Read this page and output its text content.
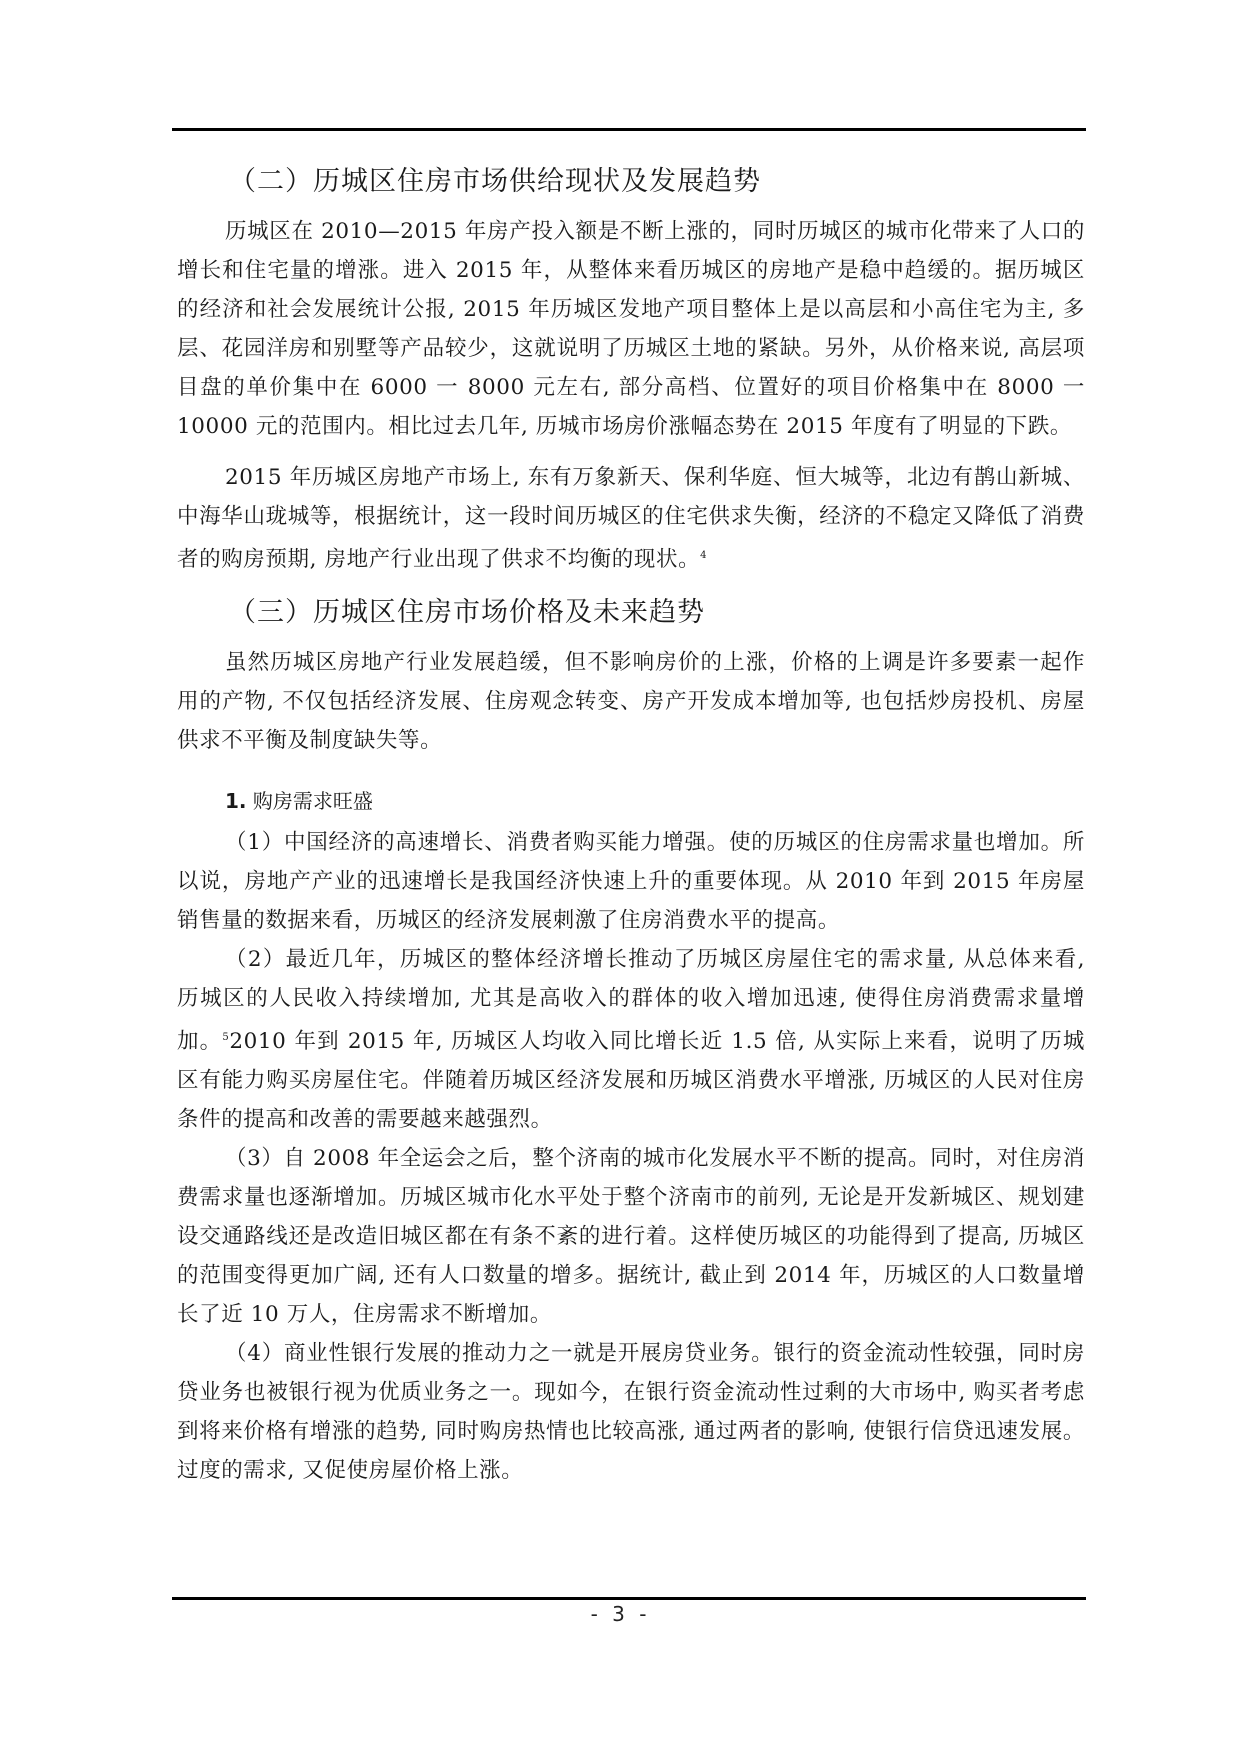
（二）历城区住房市场供给现状及发展趋势

历城区在 2010—2015 年房产投入额是不断上涨的，同时历城区的城市化带来了人口的增长和住宅量的增涨。进入 2015 年，从整体来看历城区的房地产是稳中趋缓的。据历城区的经济和社会发展统计公报, 2015 年历城区发地产项目整体上是以高层和小高住宅为主, 多层、花园洋房和别墅等产品较少，这就说明了历城区土地的紧缺。另外，从价格来说, 高层项目盘的单价集中在 6000 一 8000 元左右, 部分高档、位置好的项目价格集中在 8000 一 10000 元的范围内。相比过去几年, 历城市场房价涨幅态势在 2015 年度有了明显的下跌。

2015 年历城区房地产市场上, 东有万象新天、保利华庭、恒大城等，北边有鹊山新城、中海华山珑城等，根据统计，这一段时间历城区的住宅供求失衡，经济的不稳定又降低了消费者的购房预期, 房地产行业出现了供求不均衡的现状。$^4$

（三）历城区住房市场价格及未来趋势

虽然历城区房地产行业发展趋缓，但不影响房价的上涨，价格的上调是许多要素一起作用的产物, 不仅包括经济发展、住房观念转变、房产开发成本增加等, 也包括炒房投机、房屋供求不平衡及制度缺失等。

1. 购房需求旺盛

（1）中国经济的高速增长、消费者购买能力增强。使的历城区的住房需求量也增加。所以说，房地产产业的迅速增长是我国经济快速上升的重要体现。从 2010 年到 2015 年房屋销售量的数据来看，历城区的经济发展刺激了住房消费水平的提高。

（2）最近几年，历城区的整体经济增长推动了历城区房屋住宅的需求量, 从总体来看, 历城区的人民收入持续增加, 尤其是高收入的群体的收入增加迅速, 使得住房消费需求量增加。$^5$2010 年到 2015 年, 历城区人均收入同比增长近 1.5 倍, 从实际上来看，说明了历城区有能力购买房屋住宅。伴随着历城区经济发展和历城区消费水平增涨, 历城区的人民对住房条件的提高和改善的需要越来越强烈。

（3）自 2008 年全运会之后，整个济南的城市化发展水平不断的提高。同时，对住房消费需求量也逐渐增加。历城区城市化水平处于整个济南市的前列, 无论是开发新城区、规划建设交通路线还是改造旧城区都在有条不紊的进行着。这样使历城区的功能得到了提高, 历城区的范围变得更加广阔, 还有人口数量的增多。据统计, 截止到 2014 年，历城区的人口数量增长了近 10 万人，住房需求不断增加。

（4）商业性银行发展的推动力之一就是开展房贷业务。银行的资金流动性较强，同时房贷业务也被银行视为优质业务之一。现如今，在银行资金流动性过剩的大市场中, 购买者考虑到将来价格有增涨的趋势, 同时购房热情也比较高涨, 通过两者的影响, 使银行信贷迅速发展。过度的需求, 又促使房屋价格上涨。

- 3 -
